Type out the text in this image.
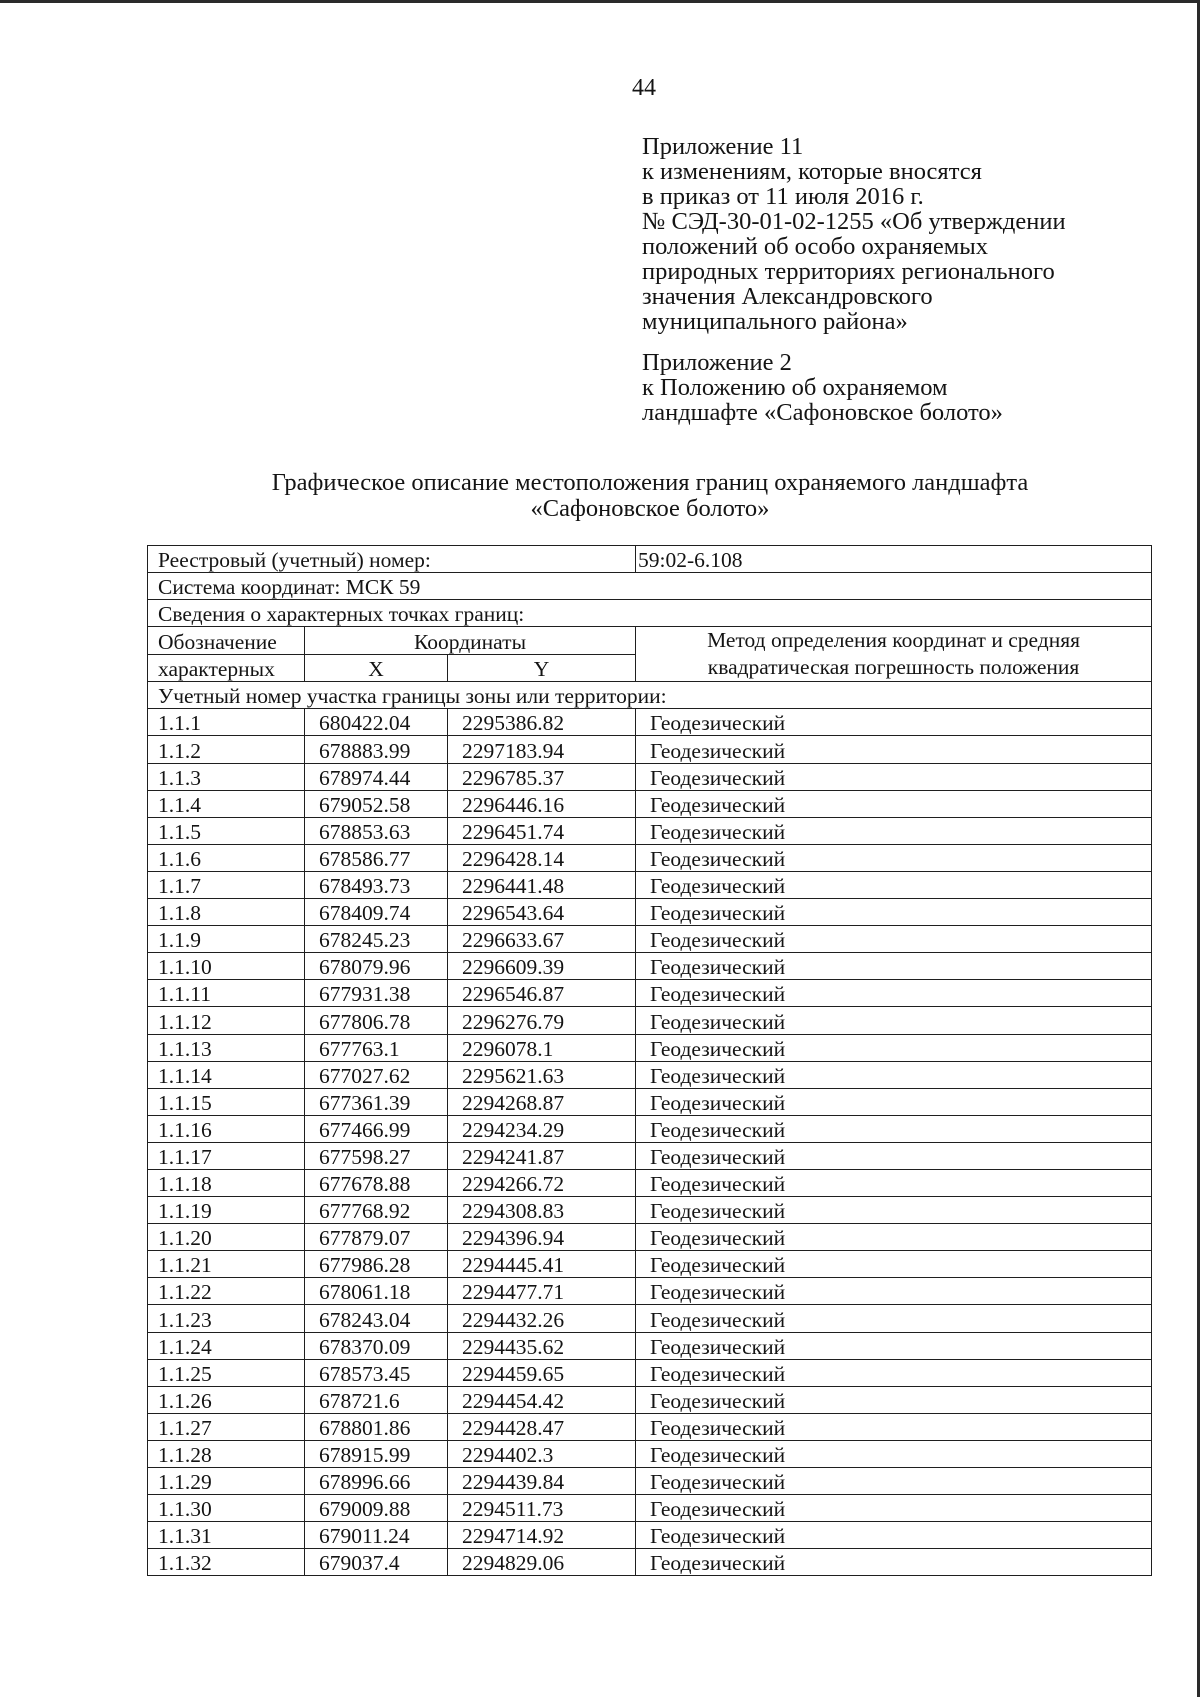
44
Приложение 11
к изменениям, которые вносятся
в приказ от 11 июля 2016 г.
№ СЭД-30-01-02-1255 «Об утверждении
положений об особо охраняемых
природных территориях регионального
значения Александровского
муниципального района»
Приложение 2
к Положению об охраняемом
ландшафте «Сафоновское болото»
Графическое описание местоположения границ охраняемого ландшафта
«Сафоновское болото»
Реестровый (учетный) номер:			59:02-6.108
Система координат: МСК 59			
Сведения о характерных точках границ:			
Обозначение	Координаты		Метод определения координат и средняя квадратическая погрешность положения
характерных	X	Y	
Учетный номер участка границы зоны или территории:			
1.1.1	680422.04	2295386.82	Геодезический
1.1.2	678883.99	2297183.94	Геодезический
1.1.3	678974.44	2296785.37	Геодезический
1.1.4	679052.58	2296446.16	Геодезический
1.1.5	678853.63	2296451.74	Геодезический
1.1.6	678586.77	2296428.14	Геодезический
1.1.7	678493.73	2296441.48	Геодезический
1.1.8	678409.74	2296543.64	Геодезический
1.1.9	678245.23	2296633.67	Геодезический
1.1.10	678079.96	2296609.39	Геодезический
1.1.11	677931.38	2296546.87	Геодезический
1.1.12	677806.78	2296276.79	Геодезический
1.1.13	677763.1	2296078.1	Геодезический
1.1.14	677027.62	2295621.63	Геодезический
1.1.15	677361.39	2294268.87	Геодезический
1.1.16	677466.99	2294234.29	Геодезический
1.1.17	677598.27	2294241.87	Геодезический
1.1.18	677678.88	2294266.72	Геодезический
1.1.19	677768.92	2294308.83	Геодезический
1.1.20	677879.07	2294396.94	Геодезический
1.1.21	677986.28	2294445.41	Геодезический
1.1.22	678061.18	2294477.71	Геодезический
1.1.23	678243.04	2294432.26	Геодезический
1.1.24	678370.09	2294435.62	Геодезический
1.1.25	678573.45	2294459.65	Геодезический
1.1.26	678721.6	2294454.42	Геодезический
1.1.27	678801.86	2294428.47	Геодезический
1.1.28	678915.99	2294402.3	Геодезический
1.1.29	678996.66	2294439.84	Геодезический
1.1.30	679009.88	2294511.73	Геодезический
1.1.31	679011.24	2294714.92	Геодезический
1.1.32	679037.4	2294829.06	Геодезический
